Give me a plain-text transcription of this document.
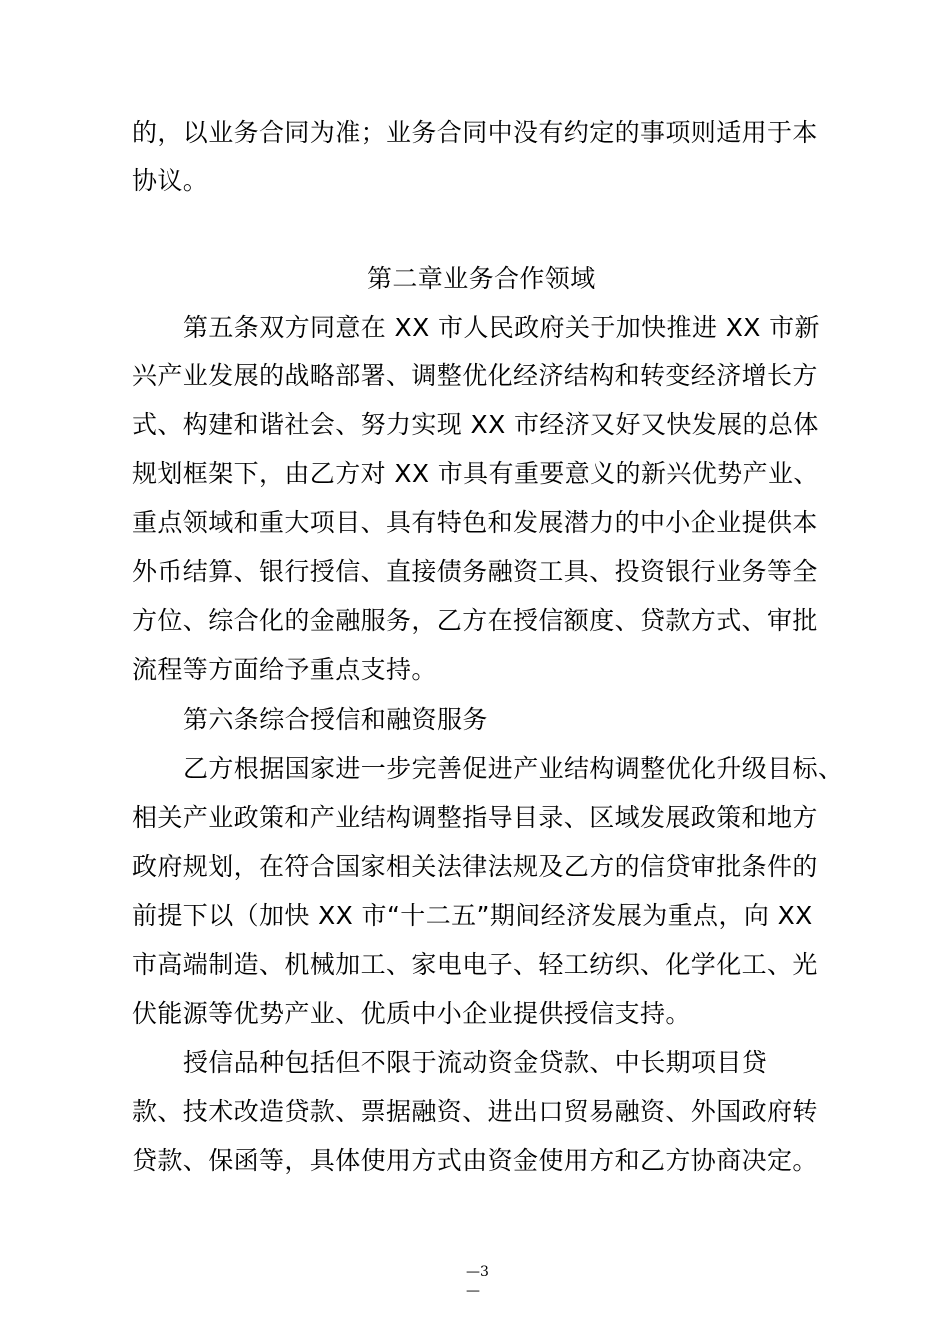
的，以业务合同为准；业务合同中没有约定的事项则适用于本

协议。

第二章业务合作领域

第五条双方同意在 XX 市人民政府关于加快推进 XX 市新

兴产业发展的战略部署、调整优化经济结构和转变经济增长方

式、构建和谐社会、努力实现 XX 市经济又好又快发展的总体

规划框架下，由乙方对 XX 市具有重要意义的新兴优势产业、

重点领域和重大项目、具有特色和发展潜力的中小企业提供本

外币结算、银行授信、直接债务融资工具、投资银行业务等全

方位、综合化的金融服务，乙方在授信额度、贷款方式、审批

流程等方面给予重点支持。

第六条综合授信和融资服务

乙方根据国家进一步完善促进产业结构调整优化升级目标、

相关产业政策和产业结构调整指导目录、区域发展政策和地方

政府规划，在符合国家相关法律法规及乙方的信贷审批条件的

前提下以（加快 XX 市“十二五”期间经济发展为重点，向 XX

市高端制造、机械加工、家电电子、轻工纺织、化学化工、光

伏能源等优势产业、优质中小企业提供授信支持。

授信品种包括但不限于流动资金贷款、中长期项目贷

款、技术改造贷款、票据融资、进出口贸易融资、外国政府转

贷款、保函等，具体使用方式由资金使用方和乙方协商决定。

—3
—
